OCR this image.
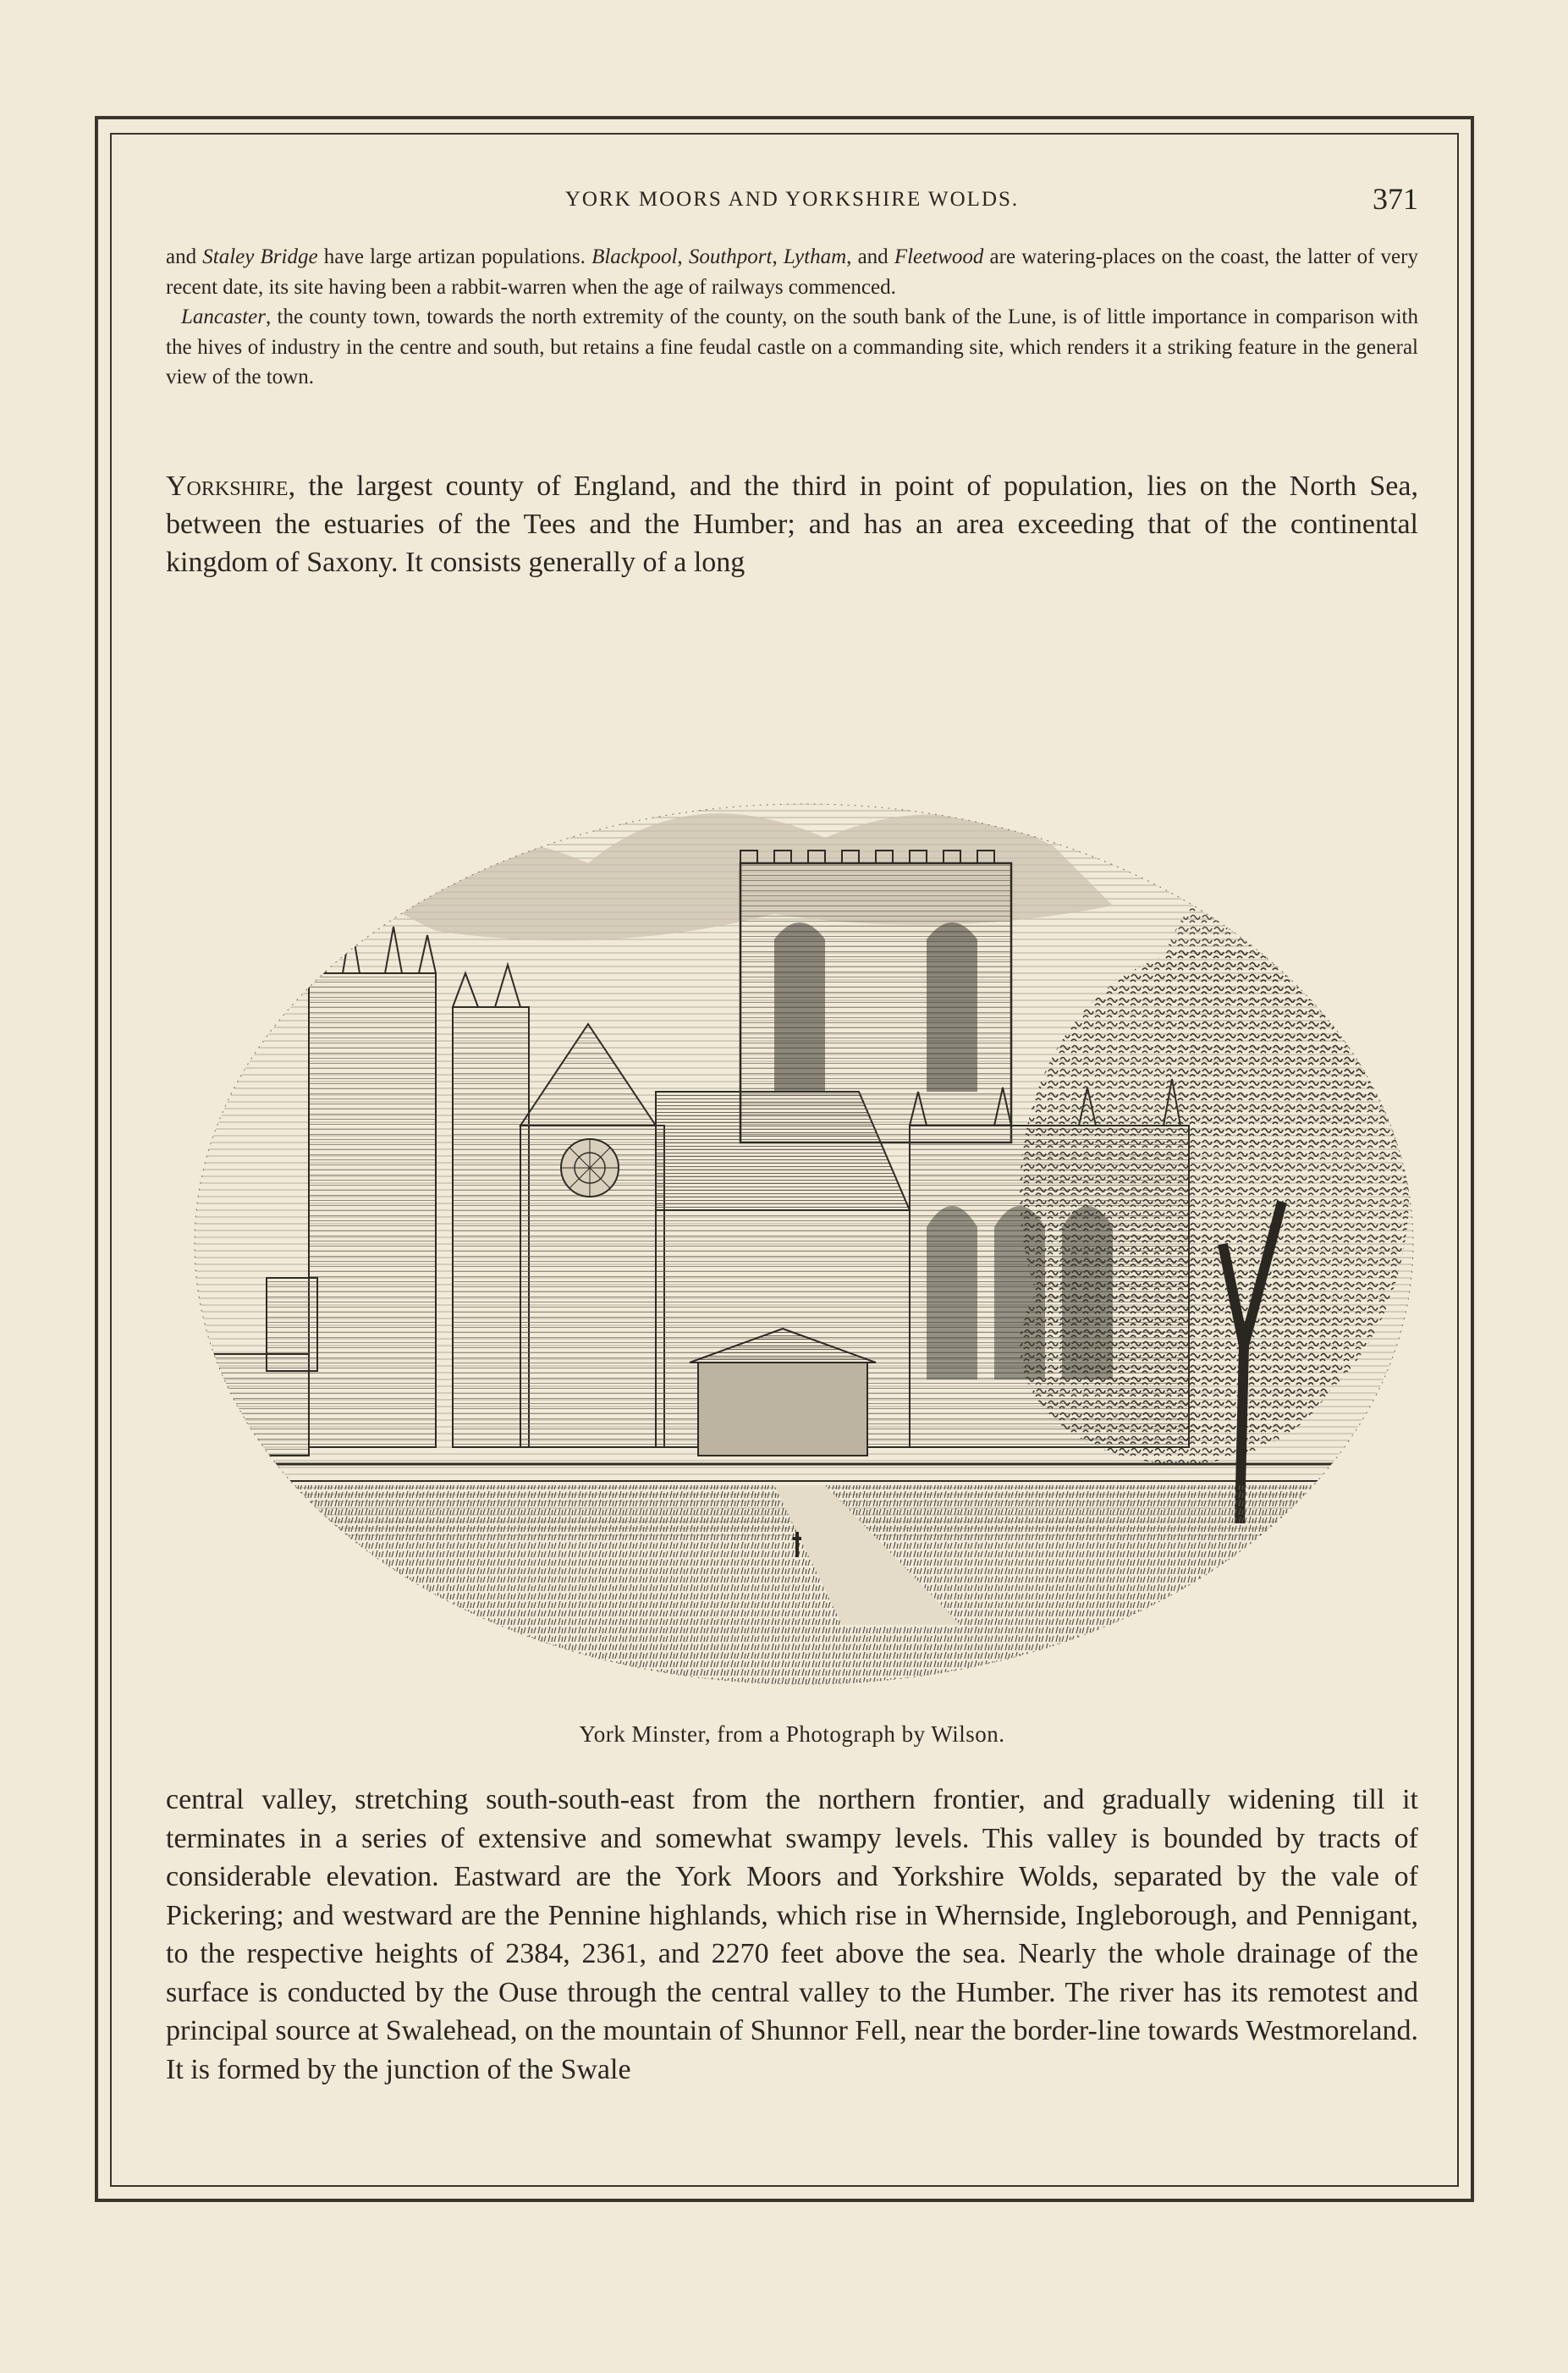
YORK MOORS AND YORKSHIRE WOLDS.	371

and Staley Bridge have large artizan populations. Blackpool, Southport, Lytham, and Fleetwood are watering-places on the coast, the latter of very recent date, its site having been a rabbit-warren when the age of railways commenced.

Lancaster, the county town, towards the north extremity of the county, on the south bank of the Lune, is of little importance in comparison with the hives of industry in the centre and south, but retains a fine feudal castle on a commanding site, which renders it a striking feature in the general view of the town.

Yorkshire, the largest county of England, and the third in point of population, lies on the North Sea, between the estuaries of the Tees and the Humber; and has an area exceeding that of the continental kingdom of Saxony. It consists generally of a long

York Minster, from a Photograph by Wilson.

central valley, stretching south-south-east from the northern frontier, and gradually widening till it terminates in a series of extensive and somewhat swampy levels. This valley is bounded by tracts of considerable elevation. Eastward are the York Moors and Yorkshire Wolds, separated by the vale of Pickering; and westward are the Pennine highlands, which rise in Whernside, Ingleborough, and Pennigant, to the respective heights of 2384, 2361, and 2270 feet above the sea. Nearly the whole drainage of the surface is conducted by the Ouse through the central valley to the Humber. The river has its remotest and principal source at Swalehead, on the mountain of Shunnor Fell, near the border-line towards Westmoreland. It is formed by the junction of the Swale
